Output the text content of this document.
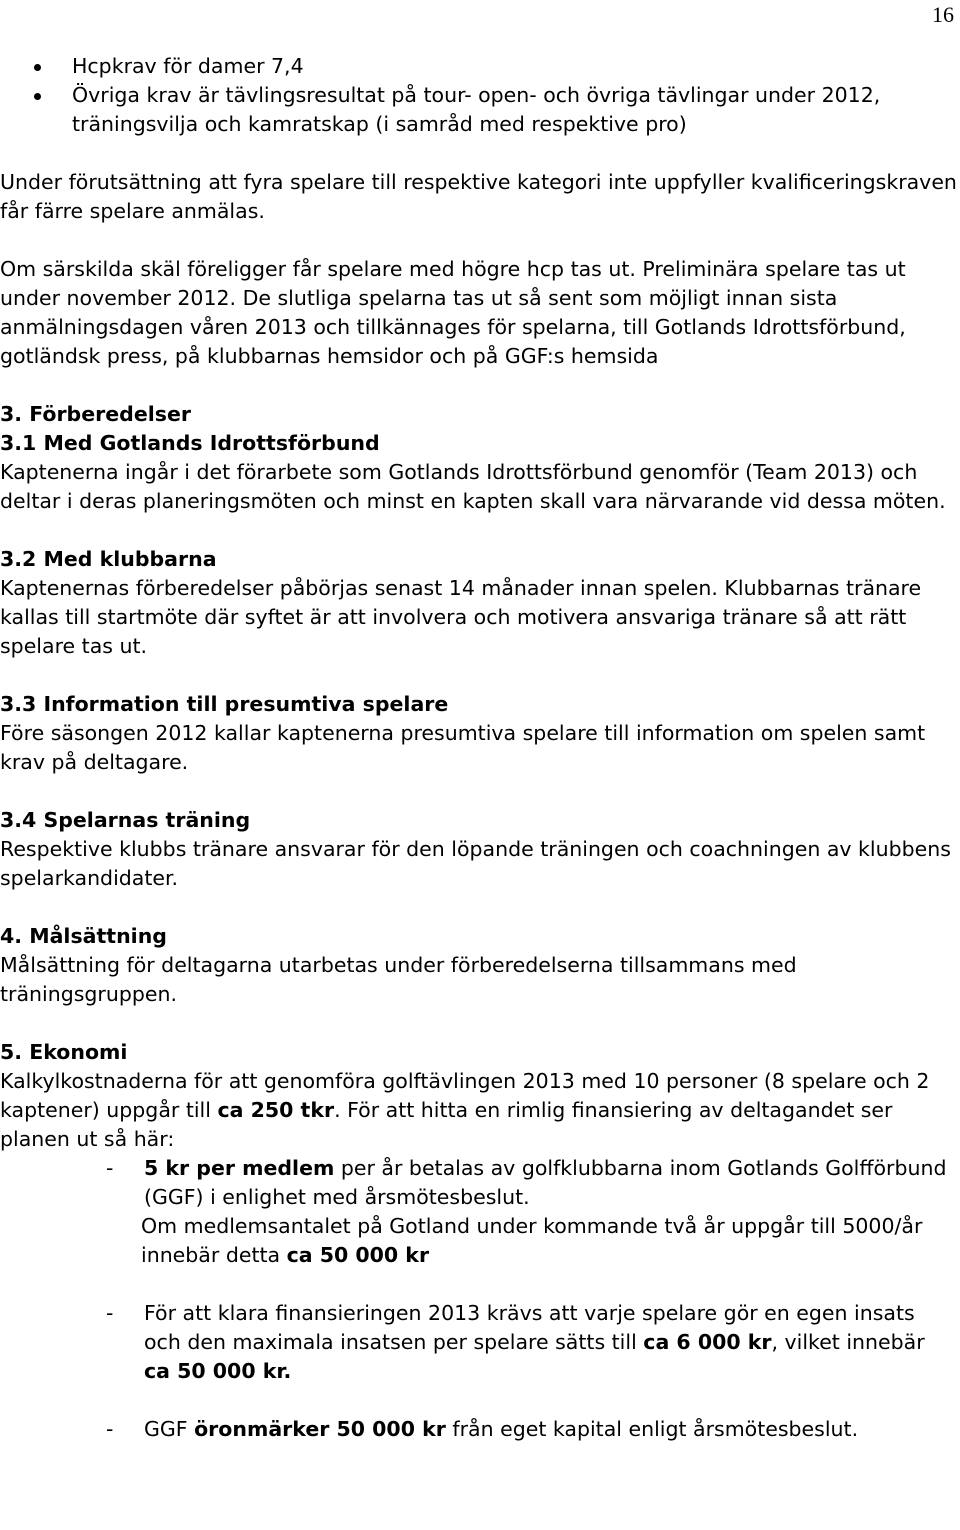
16
Hcpkrav för damer 7,4
Övriga krav är tävlingsresultat på tour- open- och övriga tävlingar under 2012, träningsvilja och kamratskap (i samråd med respektive pro)

Under förutsättning att fyra spelare till respektive kategori inte uppfyller kvalificeringskraven får färre spelare anmälas.

Om särskilda skäl föreligger får spelare med högre hcp tas ut. Preliminära spelare tas ut under november 2012. De slutliga spelarna tas ut så sent som möjligt innan sista anmälningsdagen våren 2013 och tillkännages för spelarna, till Gotlands Idrottsförbund, gotländsk press, på klubbarnas hemsidor och på GGF:s hemsida

3. Förberedelser
3.1 Med Gotlands Idrottsförbund

Kaptenerna ingår i det förarbete som Gotlands Idrottsförbund genomför (Team 2013) och deltar i deras planeringsmöten och minst en kapten skall vara närvarande vid dessa möten.

3.2 Med klubbarna

Kaptenernas förberedelser påbörjas senast 14 månader innan spelen. Klubbarnas tränare kallas till startmöte där syftet är att involvera och motivera ansvariga tränare så att rätt spelare tas ut.

3.3 Information till presumtiva spelare

Före säsongen 2012 kallar kaptenerna presumtiva spelare till information om spelen samt krav på deltagare.

3.4 Spelarnas träning

Respektive klubbs tränare ansvarar för den löpande träningen och coachningen av klubbens spelarkandidater.

4. Målsättning

Målsättning för deltagarna utarbetas under förberedelserna tillsammans med träningsgruppen.

5. Ekonomi

Kalkylkostnaderna för att genomföra golftävlingen 2013 med 10 personer (8 spelare och 2 kaptener) uppgår till ca 250 tkr. För att hitta en rimlig finansiering av deltagandet ser planen ut så här:

- 5 kr per medlem per år betalas av golfklubbarna inom Gotlands Golfförbund (GGF) i enlighet med årsmötesbeslut.

Om medlemsantalet på Gotland under kommande två år uppgår till 5000/år innebär detta ca 50 000 kr

- För att klara finansieringen 2013 krävs att varje spelare gör en egen insats och den maximala insatsen per spelare sätts till ca 6 000 kr, vilket innebär ca 50 000 kr.
- GGF öronmärker 50 000 kr från eget kapital enligt årsmötesbeslut.
